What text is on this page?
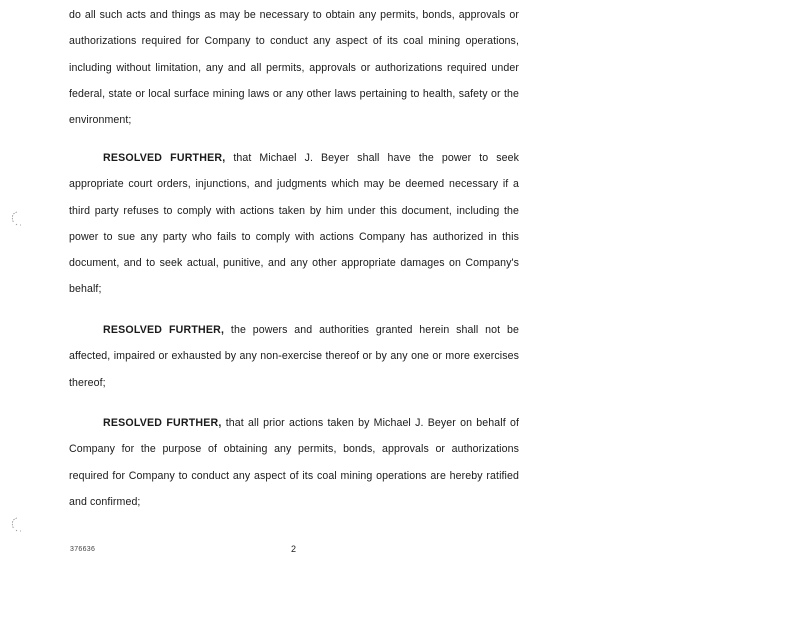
do all such acts and things as may be necessary to obtain any permits, bonds, approvals or authorizations required for Company to conduct any aspect of its coal mining operations, including without limitation, any and all permits, approvals or authorizations required under federal, state or local surface mining laws or any other laws pertaining to health, safety or the environment;

RESOLVED FURTHER, that Michael J. Beyer shall have the power to seek appropriate court orders, injunctions, and judgments which may be deemed necessary if a third party refuses to comply with actions taken by him under this document, including the power to sue any party who fails to comply with actions Company has authorized in this document, and to seek actual, punitive, and any other appropriate damages on Company's behalf;

RESOLVED FURTHER, the powers and authorities granted herein shall not be affected, impaired or exhausted by any non-exercise thereof or by any one or more exercises thereof;

RESOLVED FURTHER, that all prior actions taken by Michael J. Beyer on behalf of Company for the purpose of obtaining any permits, bonds, approvals or authorizations required for Company to conduct any aspect of its coal mining operations are hereby ratified and confirmed;

376636	2
